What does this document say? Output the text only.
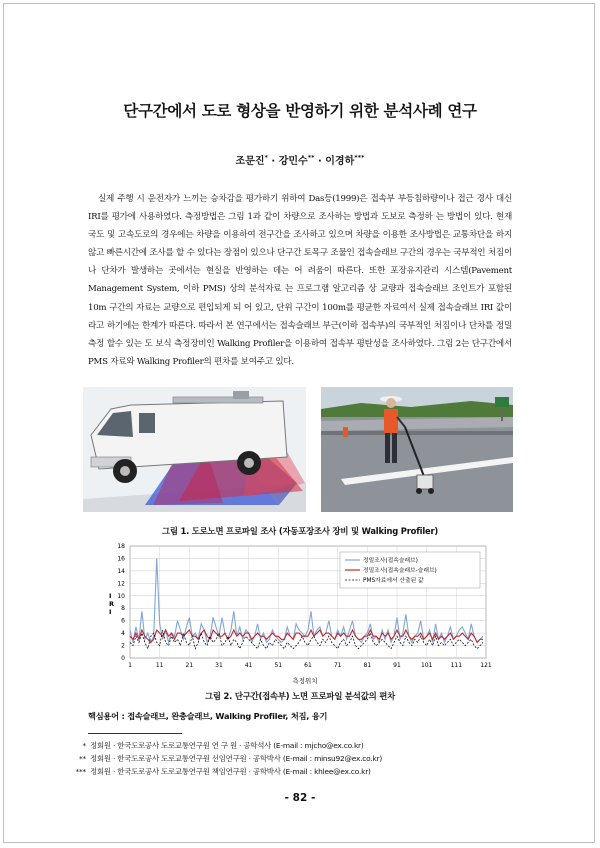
단구간에서 도로 형상을 반영하기 위한 분석사례 연구
조문진* · 강민수** · 이경하***

실제 주행 시 운전자가 느끼는 승차감을 평가하기 위하여 Das등(1999)은 접속부 부등침하량이나 접근 경사 대신 IRI를 평가에 사용하였다. 측정방법은 그림 1과 같이 차량으로 조사하는 방법과 도보로 측정하 는 방법이 있다. 현재 국도 및 고속도로의 경우에는 차량을 이용하여 전구간을 조사하고 있으며 차량을 이용한 조사방법은 교통차단을 하지 않고 빠른시간에 조사를 할 수 있다는 장점이 있으나 단구간 토목구 조물인 접속슬래브 구간의 경우는 국부적인 처짐이나 단차가 발생하는 곳에서는 현실을 반영하는 데는 어 려움이 따른다. 또한 포장유지관리 시스템(Pavement Management System, 이하 PMS) 상의 분석자료 는 프로그램 알고리즘 상 교량과 접속슬래브 조인트가 포함된 10m 구간의 자료는 교량으로 편입되게 되 어 있고, 단위 구간이 100m를 평균한 자료여서 실제 접속슬래브 IRI 값이라고 하기에는 한계가 따른다. 따라서 본 연구에서는 접속슬래브 부근(이하 접속부)의 국부적인 처짐이나 단차를 정밀측정 할수 있는 도 보식 측정장비인 Walking Profiler을 이용하여 접속부 평탄성을 조사하였다. 그림 2는 단구간에서 PMS 자료와 Walking Profiler의 편차를 보여주고 있다.

그림 1. 도로노면 프로파일 조사 (자동포장조사 장비 및 Walking Profiler)
0
2
4
6
8
10
12
14
16
18
1	11	21	31	41	51	61	71	81	91	101	111	121
I R I
측정위치
정밀조사(접속슬래브)
정밀조사(접속슬래브-슬래브)
PMS자료에서 산출된 값
그림 2. 단구간(접속부) 노면 프로파일 분석값의 편차
핵심용어 : 접속슬래브, 완충슬래브, Walking Profiler, 처짐, 융기
* 정회원 · 한국도로공사 도로교통연구원 연 구 원 · 공학석사 (E-mail : mjcho@ex.co.kr)
** 정회원 · 한국도로공사 도로교통연구원 선임연구원 · 공학박사 (E-mail : minsu92@ex.co.kr)
*** 정회원 · 한국도로공사 도로교통연구원 책임연구원 · 공학박사 (E-mail : khlee@ex.co.kr)
- 82 -
